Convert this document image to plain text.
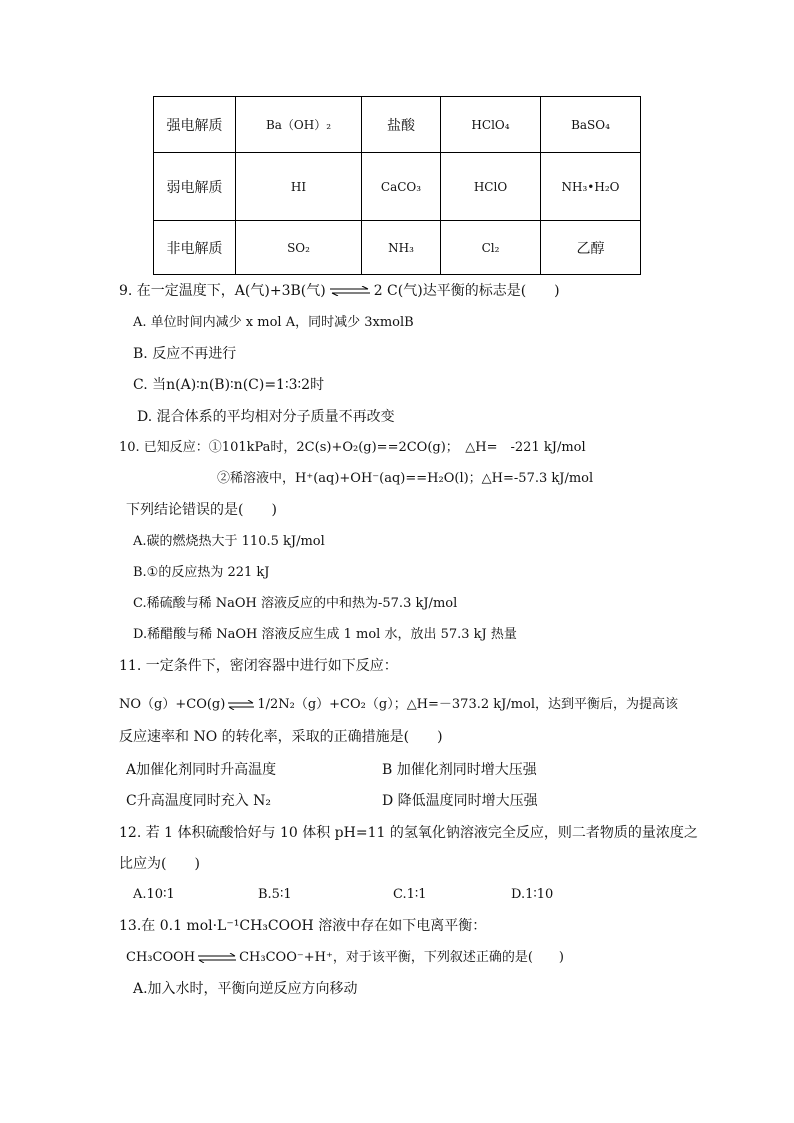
强电解质	Ba（OH）₂	盐酸	HClO₄	BaSO₄
弱电解质	HI	CaCO₃	HClO	NH₃•H₂O
非电解质	SO₂	NH₃	Cl₂	乙醇
9. 在一定温度下，A(气)+3B(气) ⇌ 2 C(气)达平衡的标志是(　　)
A. 单位时间内减少 x mol A，同时减少 3xmolB
B. 反应不再进行
C. 当n(A)∶n(B)∶n(C)=1∶3∶2时
D. 混合体系的平均相对分子质量不再改变
10. 已知反应：①101kPa时，2C(s)+O₂(g)==2CO(g)；　△H=　-221 kJ/mol
②稀溶液中，H⁺(aq)+OH⁻(aq)==H₂O(l)；△H=-57.3 kJ/mol
下列结论错误的是(　　)
A.碳的燃烧热大于 110.5 kJ/mol
B.①的反应热为 221 kJ
C.稀硫酸与稀 NaOH 溶液反应的中和热为-57.3 kJ/mol
D.稀醋酸与稀 NaOH 溶液反应生成 1 mol 水，放出 57.3 kJ 热量
11. 一定条件下，密闭容器中进行如下反应：
NO（g）+CO(g) ⇌ 1/2N₂（g）+CO₂（g）；△H=－373.2 kJ/mol，达到平衡后，为提高该
反应速率和 NO 的转化率，采取的正确措施是(　　)
A加催化剂同时升高温度	B 加催化剂同时增大压强
C升高温度同时充入 N₂	D 降低温度同时增大压强
12. 若 1 体积硫酸恰好与 10 体积 pH=11 的氢氧化钠溶液完全反应，则二者物质的量浓度之
比应为(　　)
A.10∶1	B.5∶1	C.1∶1	D.1∶10
13.在 0.1 mol·L⁻¹CH₃COOH 溶液中存在如下电离平衡：
CH₃COOH ⇌ CH₃COO⁻+H⁺，对于该平衡，下列叙述正确的是(　　)
A.加入水时，平衡向逆反应方向移动
